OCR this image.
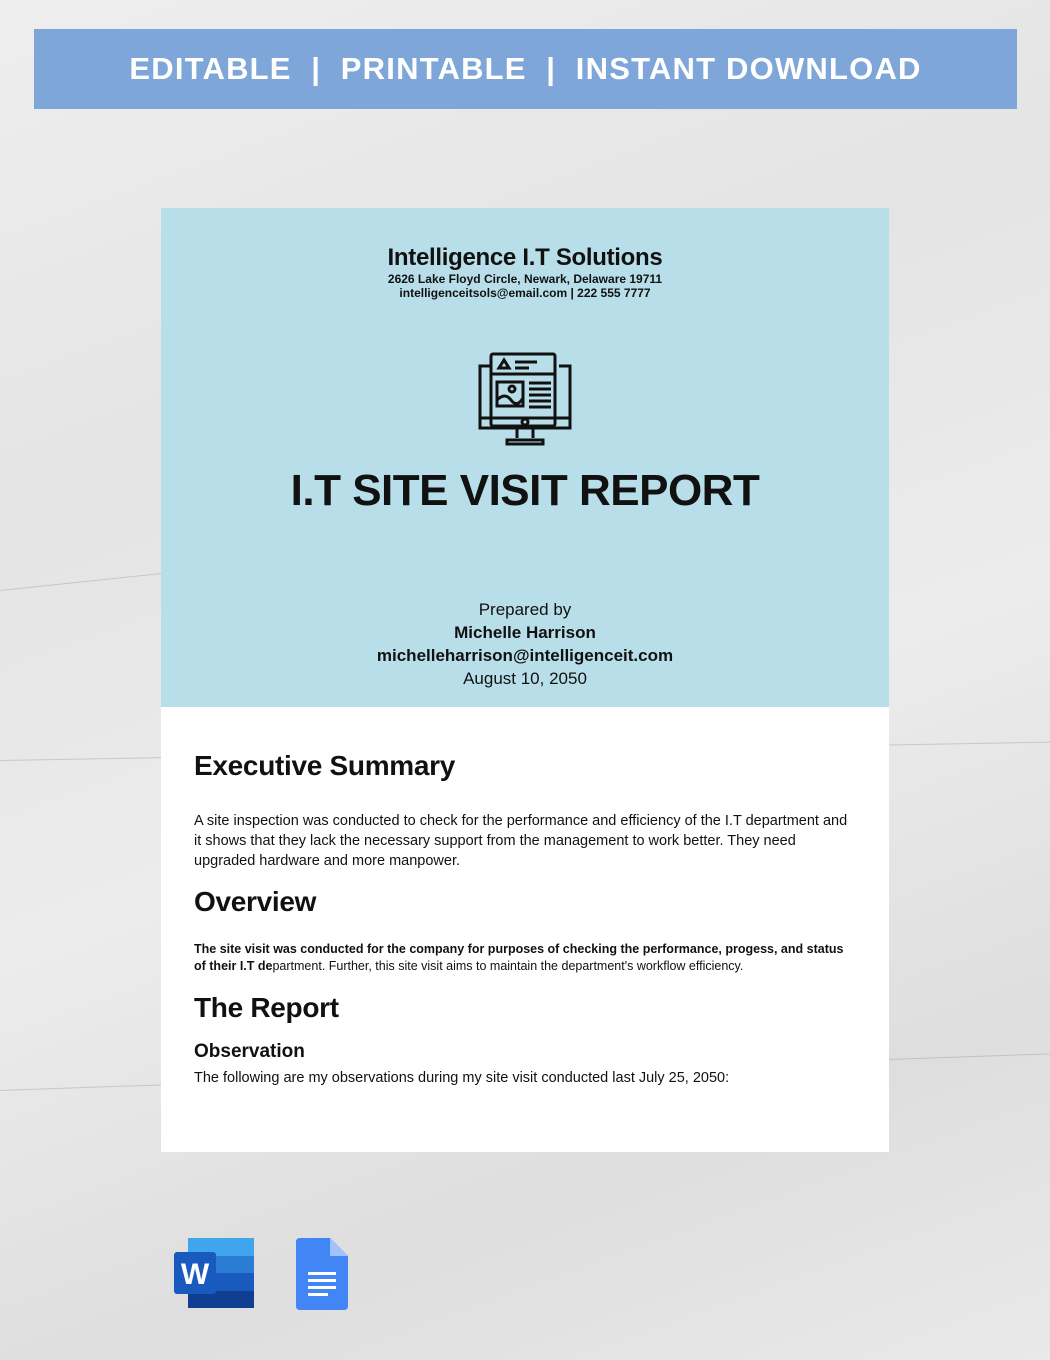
EDITABLE  |  PRINTABLE  |  INSTANT DOWNLOAD
Intelligence I.T Solutions
2626 Lake Floyd Circle, Newark, Delaware 19711
intelligenceitsols@email.com | 222 555 7777
I.T SITE VISIT REPORT
Prepared by
Michelle Harrison
michelleharrison@intelligenceit.com
August 10, 2050
Executive Summary

A site inspection was conducted to check for the performance and efficiency of the I.T department and it shows that they lack the necessary support from the management to work better. They need upgraded hardware and more manpower.

Overview

The site visit was conducted for the company for purposes of checking the performance, progess, and status of their I.T department. Further, this site visit aims to maintain the department's workflow efficiency.

The Report
Observation

The following are my observations during my site visit conducted last July 25, 2050:

W
